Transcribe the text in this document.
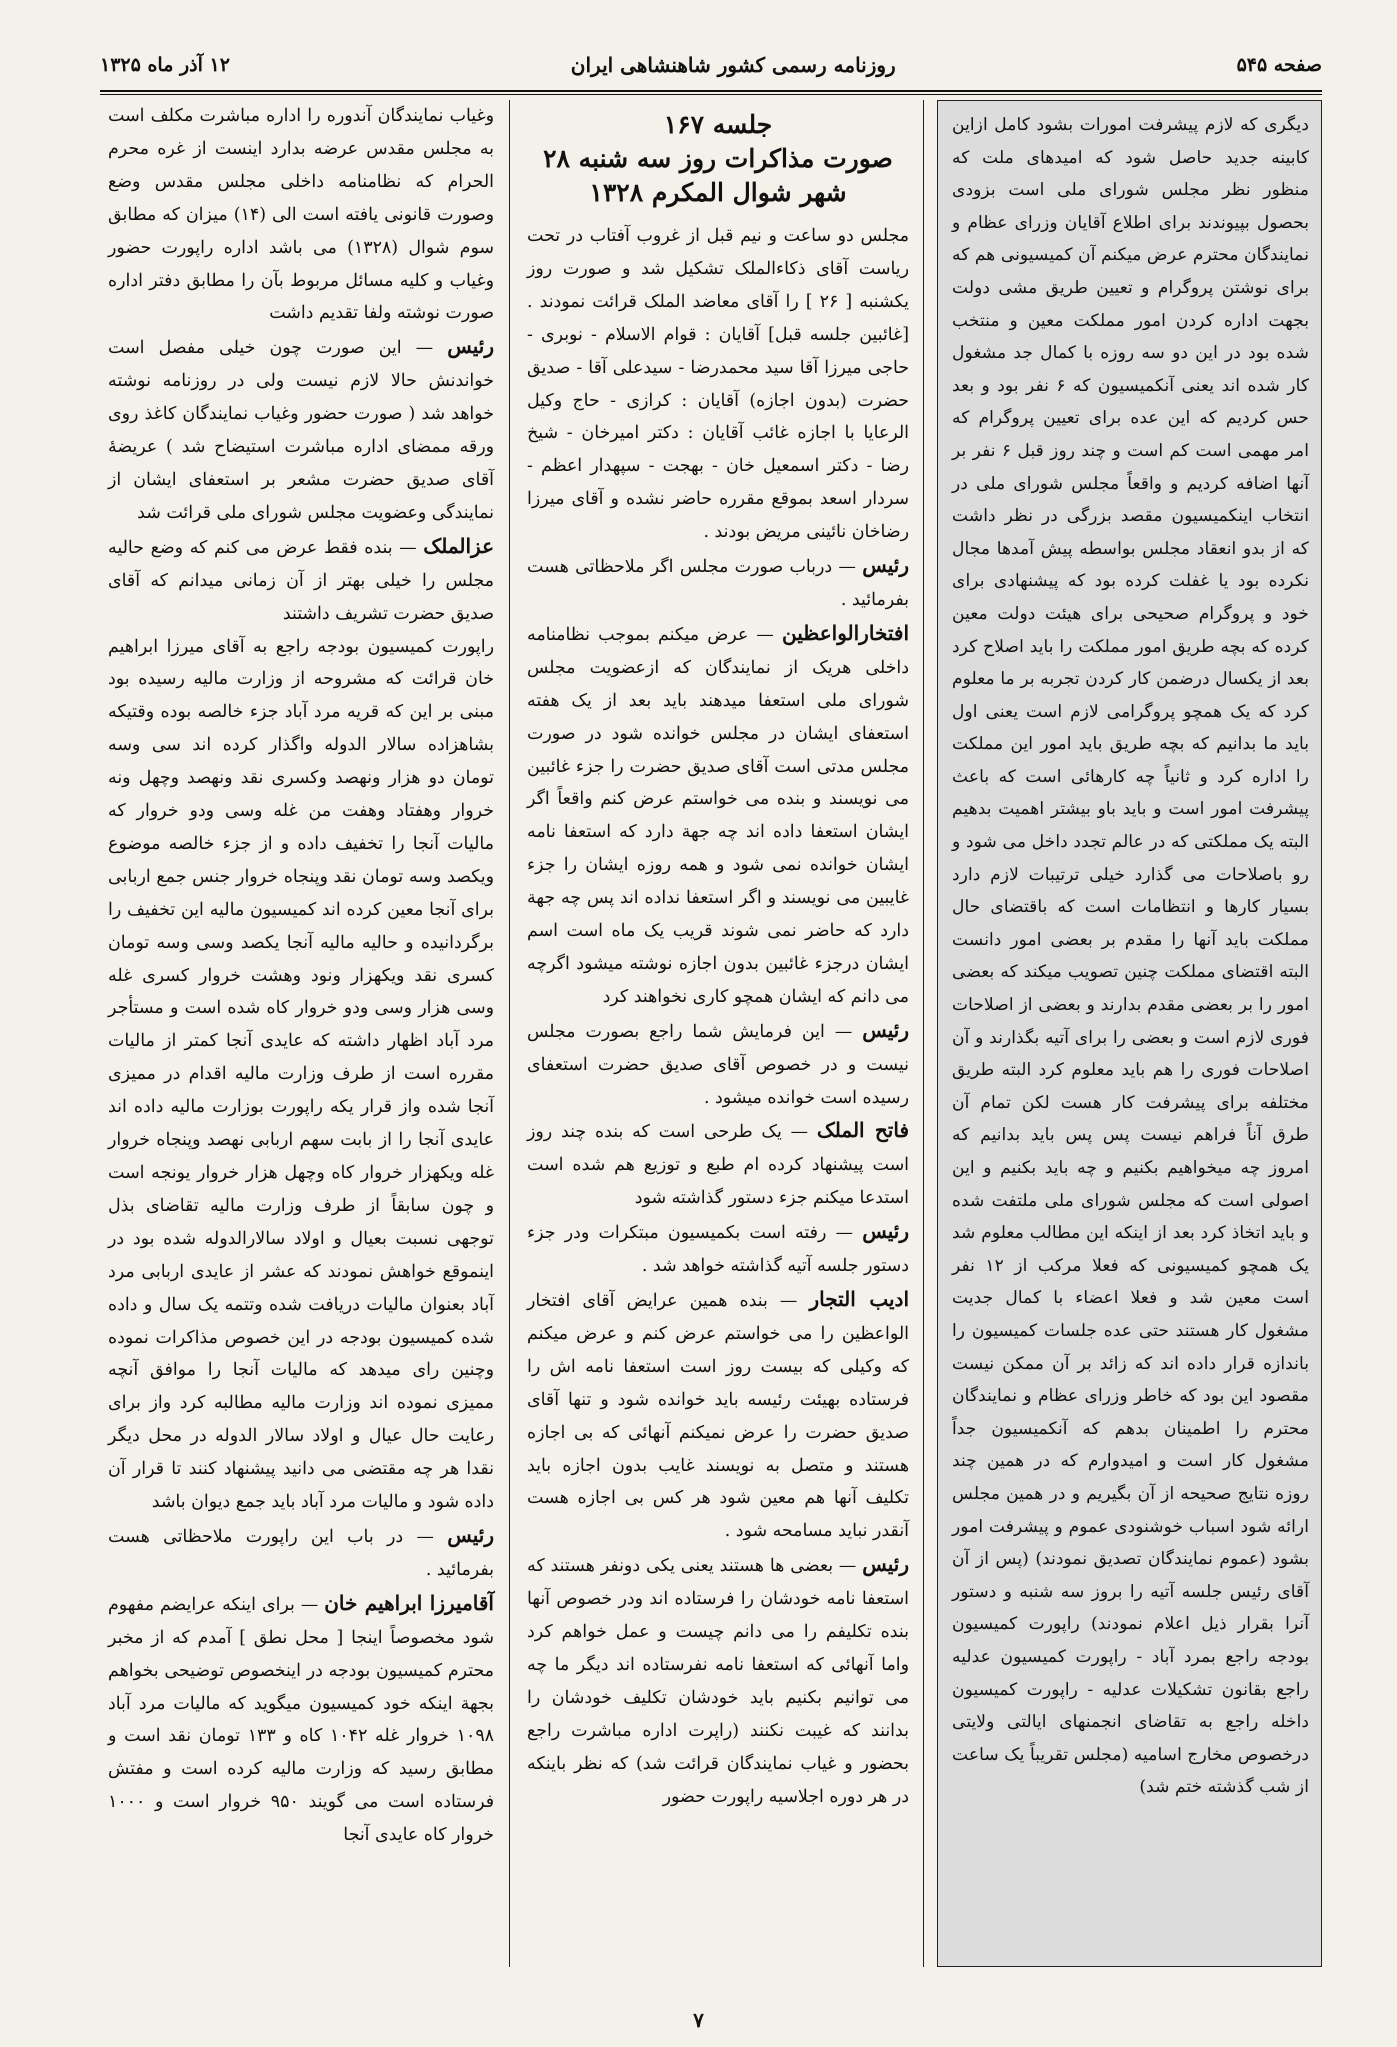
صفحه ۵۴۵
روزنامه رسمی کشور شاهنشاهی ایران
۱۲ آذر ماه ۱۳۲۵

دیگری که لازم پیشرفت امورات بشود کامل ازاین کابینه جدید حاصل شود که امیدهای ملت که منظور نظر مجلس شورای ملی است بزودی بحصول بپیوندند برای اطلاع آقایان وزرای عظام و نمایندگان محترم عرض میکنم آن کمیسیونی هم که برای نوشتن پروگرام و تعیین طریق مشی دولت بجهت اداره کردن امور مملکت معین و منتخب شده بود در این دو سه روزه با کمال جد مشغول کار شده اند یعنی آنکمیسیون که ۶ نفر بود و بعد حس کردیم که این عده برای تعیین پروگرام که امر مهمی است کم است و چند روز قبل ۶ نفر بر آنها اضافه کردیم و واقعاً مجلس شورای ملی در انتخاب اینکمیسیون مقصد بزرگی در نظر داشت که از بدو انعقاد مجلس بواسطه پیش آمدها مجال نکرده بود یا غفلت کرده بود که پیشنهادی برای خود و پروگرام صحیحی برای هیئت دولت معین کرده که بچه طریق امور مملکت را باید اصلاح کرد بعد از یکسال درضمن کار کردن تجربه بر ما معلوم کرد که یک همچو پروگرامی لازم است یعنی اول باید ما بدانیم که بچه طریق باید امور این مملکت را اداره کرد و ثانیاً چه کارهائی است که باعث پیشرفت امور است و باید باو بیشتر اهمیت بدهیم البته یک مملکتی که در عالم تجدد داخل می شود و رو باصلاحات می گذارد خیلی ترتیبات لازم دارد بسیار کارها و انتظامات است که باقتضای حال مملکت باید آنها را مقدم بر بعضی امور دانست البته اقتضای مملکت چنین تصویب میکند که بعضی امور را بر بعضی مقدم بدارند و بعضی از اصلاحات فوری لازم است و بعضی را برای آتیه بگذارند و آن اصلاحات فوری را هم باید معلوم کرد البته طریق مختلفه برای پیشرفت کار هست لکن تمام آن طرق آناً فراهم نیست پس پس باید بدانیم که امروز چه میخواهیم بکنیم و چه باید بکنیم و این اصولی است که مجلس شورای ملی ملتفت شده و باید اتخاذ کرد بعد از اینکه این مطالب معلوم شد یک همچو کمیسیونی که فعلا مرکب از ۱۲ نفر است معین شد و فعلا اعضاء با کمال جدیت مشغول کار هستند حتی عده جلسات کمیسیون را باندازه قرار داده اند که زائد بر آن ممکن نیست مقصود این بود که خاطر وزرای عظام و نمایندگان محترم را اطمینان بدهم که آنکمیسیون جداً مشغول کار است و امیدوارم که در همین چند روزه نتایج صحیحه از آن بگیریم و در همین مجلس ارائه شود اسباب خوشنودی عموم و پیشرفت امور بشود (عموم نمایندگان تصدیق نمودند) (پس از آن آقای رئیس جلسه آتیه را بروز سه شنبه و دستور آنرا بقرار ذیل اعلام نمودند) راپورت کمیسیون بودجه راجع بمرد آباد - راپورت کمیسیون عدلیه راجع بقانون تشکیلات عدلیه - راپورت کمیسیون داخله راجع به تقاضای انجمنهای ایالتی ولایتی درخصوص مخارج اسامیه (مجلس تقریباً یک ساعت از شب گذشته ختم شد)

جلسه ۱۶۷
صورت مذاکرات روز سه شنبه ۲۸ شهر شوال المکرم ۱۳۲۸

مجلس دو ساعت و نیم قبل از غروب آفتاب در تحت ریاست آقای ذکاءالملک تشکیل شد و صورت روز یکشنبه [ ۲۶ ] را آقای معاضد الملک قرائت نمودند . [غائبین جلسه قبل] آقایان : قوام الاسلام - نوبری - حاجی میرزا آقا سید محمدرضا - سیدعلی آقا - صدیق حضرت (بدون اجازه) آقایان : کرازی - حاج وکیل الرعایا با اجازه غائب آقایان : دکتر امیرخان - شیخ رضا - دکتر اسمعیل خان - بهجت - سپهدار اعظم - سردار اسعد بموقع مقرره حاضر نشده و آقای میرزا رضاخان نائینی مریض بودند .

رئیس — درباب صورت مجلس اگر ملاحظاتی هست بفرمائید .

افتخارالواعظین — عرض میکنم بموجب نظامنامه داخلی هریک از نمایندگان که ازعضویت مجلس شورای ملی استعفا میدهند باید بعد از یک هفته استعفای ایشان در مجلس خوانده شود در صورت مجلس مدتی است آقای صدیق حضرت را جزء غائبین می نویسند و بنده می خواستم عرض کنم واقعاً اگر ایشان استعفا داده اند چه جهة دارد که استعفا نامه ایشان خوانده نمی شود و همه روزه ایشان را جزء غایبین می نویسند و اگر استعفا نداده اند پس چه جهة دارد که حاضر نمی شوند قریب یک ماه است اسم ایشان درجزء غائبین بدون اجازه نوشته میشود اگرچه می دانم که ایشان همچو کاری نخواهند کرد

رئیس — این فرمایش شما راجع بصورت مجلس نیست و در خصوص آقای صدیق حضرت استعفای رسیده است خوانده میشود .

فاتح الملک — یک طرحی است که بنده چند روز است پیشنهاد کرده ام طبع و توزیع هم شده است استدعا میکنم جزء دستور گذاشته شود

رئیس — رفته است بکمیسیون مبتکرات ودر جزء دستور جلسه آتیه گذاشته خواهد شد .

ادیب التجار — بنده همین عرایض آقای افتخار الواعظین را می خواستم عرض کنم و عرض میکنم که وکیلی که بیست روز است استعفا نامه اش را فرستاده بهیئت رئیسه باید خوانده شود و تنها آقای صدیق حضرت را عرض نمیکنم آنهائی که بی اجازه هستند و متصل به نویسند غایب بدون اجازه باید تکلیف آنها هم معین شود هر کس بی اجازه هست آنقدر نباید مسامحه شود .

رئیس — بعضی ها هستند یعنی یکی دونفر هستند که استعفا نامه خودشان را فرستاده اند ودر خصوص آنها بنده تکلیفم را می دانم چیست و عمل خواهم کرد واما آنهائی که استعفا نامه نفرستاده اند دیگر ما چه می توانیم بکنیم باید خودشان تکلیف خودشان را بدانند که غیبت نکنند (راپرت اداره مباشرت راجع بحضور و غیاب نمایندگان قرائت شد) که نظر باینکه در هر دوره اجلاسیه راپورت حضور

وغیاب نمایندگان آندوره را اداره مباشرت مکلف است به مجلس مقدس عرضه بدارد اینست از غره محرم الحرام که نظامنامه داخلی مجلس مقدس وضع وصورت قانونی یافته است الی (۱۴) میزان که مطابق سوم شوال (۱۳۲۸) می باشد اداره راپورت حضور وغیاب و کلیه مسائل مربوط بآن را مطابق دفتر اداره صورت نوشته ولفا تقدیم داشت

رئیس — این صورت چون خیلی مفصل است خواندنش حالا لازم نیست ولی در روزنامه نوشته خواهد شد ( صورت حضور وغیاب نمایندگان کاغذ روی ورقه ممضای اداره مباشرت استیضاح شد ) عریضهٔ آقای صدیق حضرت مشعر بر استعفای ایشان از نمایندگی وعضویت مجلس شورای ملی قرائت شد

عزالملک — بنده فقط عرض می کنم که وضع حالیه مجلس را خیلی بهتر از آن زمانی میدانم که آقای صدیق حضرت تشریف داشتند

راپورت کمیسیون بودجه راجع به آقای میرزا ابراهیم خان قرائت که مشروحه از وزارت مالیه رسیده بود مبنی بر این که قریه مرد آباد جزء خالصه بوده وقتیکه بشاهزاده سالار الدوله واگذار کرده اند سی وسه تومان دو هزار ونهصد وکسری نقد ونهصد وچهل ونه خروار وهفتاد وهفت من غله وسی ودو خروار که مالیات آنجا را تخفیف داده و از جزء خالصه موضوع ویکصد وسه تومان نقد وپنجاه خروار جنس جمع اربابی برای آنجا معین کرده اند کمیسیون مالیه این تخفیف را برگردانیده و حالیه مالیه آنجا یکصد وسی وسه تومان کسری نقد ویکهزار ونود وهشت خروار کسری غله وسی هزار وسی ودو خروار کاه شده است و مستأجر مرد آباد اظهار داشته که عایدی آنجا کمتر از مالیات مقرره است از طرف وزارت مالیه اقدام در ممیزی آنجا شده واز قرار یکه راپورت بوزارت مالیه داده اند عایدی آنجا را از بابت سهم اربابی نهصد وپنجاه خروار غله ویکهزار خروار کاه وچهل هزار خروار یونجه است و چون سابقاً از طرف وزارت مالیه تقاضای بذل توجهی نسبت بعیال و اولاد سالارالدوله شده بود در اینموقع خواهش نمودند که عشر از عایدی اربابی مرد آباد بعنوان مالیات دریافت شده وتتمه یک سال و داده شده کمیسیون بودجه در این خصوص مذاکرات نموده وچنین رای میدهد که مالیات آنجا را موافق آنچه ممیزی نموده اند وزارت مالیه مطالبه کرد واز برای رعایت حال عیال و اولاد سالار الدوله در محل دیگر نقدا هر چه مقتضی می دانید پیشنهاد کنند تا قرار آن داده شود و مالیات مرد آباد باید جمع دیوان باشد

رئیس — در باب این راپورت ملاحظاتی هست بفرمائید .

آقامیرزا ابراهیم خان — برای اینکه عرایضم مفهوم شود مخصوصاً اینجا [ محل نطق ] آمدم که از مخبر محترم کمیسیون بودجه در اینخصوص توضیحی بخواهم بجهة اینکه خود کمیسیون میگوید که مالیات مرد آباد ۱۰۹۸ خروار غله ۱۰۴۲ کاه و ۱۳۳ تومان نقد است و مطابق رسید که وزارت مالیه کرده است و مفتش فرستاده است می گویند ۹۵۰ خروار است و ۱۰۰۰ خروار کاه عایدی آنجا

۷
